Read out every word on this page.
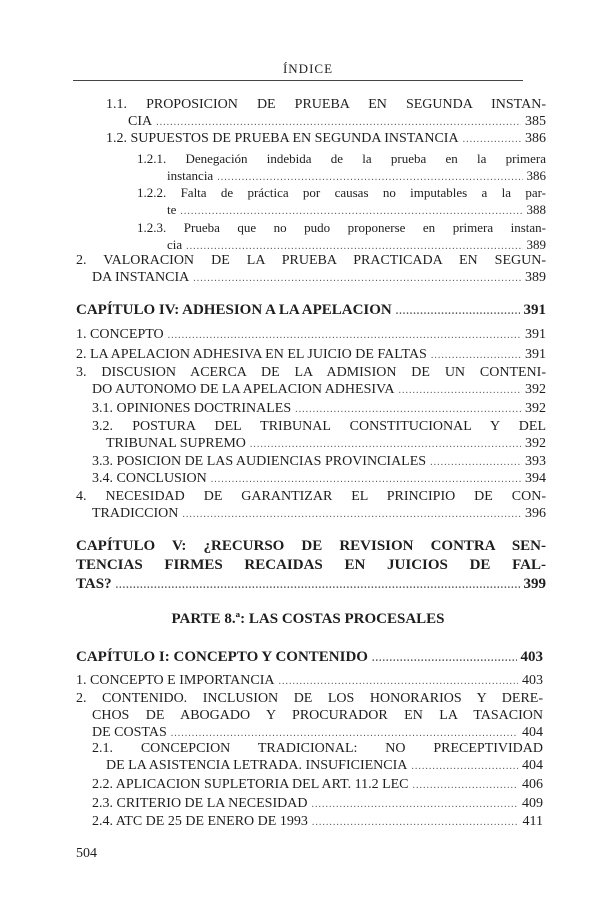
ÍNDICE
1.1. PROPOSICION DE PRUEBA EN SEGUNDA INSTAN-
CIA .....	385
1.2. SUPUESTOS DE PRUEBA EN SEGUNDA INSTANCIA .....	386
1.2.1. Denegación indebida de la prueba en la primera
instancia .....	386
1.2.2. Falta de práctica por causas no imputables a la par-
te .....	388
1.2.3. Prueba que no pudo proponerse en primera instan-
cia .....	389
2. VALORACION DE LA PRUEBA PRACTICADA EN SEGUN-
DA INSTANCIA .....	389
CAPÍTULO IV: ADHESION A LA APELACION .....	391
1. CONCEPTO .....	391
2. LA APELACION ADHESIVA EN EL JUICIO DE FALTAS .....	391
3. DISCUSION ACERCA DE LA ADMISION DE UN CONTENI-
DO AUTONOMO DE LA APELACION ADHESIVA .....	392
3.1. OPINIONES DOCTRINALES .....	392
3.2. POSTURA DEL TRIBUNAL CONSTITUCIONAL Y DEL
TRIBUNAL SUPREMO .....	392
3.3. POSICION DE LAS AUDIENCIAS PROVINCIALES .....	393
3.4. CONCLUSION .....	394
4. NECESIDAD DE GARANTIZAR EL PRINCIPIO DE CON-
TRADICCION .....	396
CAPÍTULO V: ¿RECURSO DE REVISION CONTRA SEN-
TENCIAS FIRMES RECAIDAS EN JUICIOS DE FAL-
TAS? .....	399
CAPÍTULO I: CONCEPTO Y CONTENIDO .....	403
1. CONCEPTO E IMPORTANCIA .....	403
2. CONTENIDO. INCLUSION DE LOS HONORARIOS Y DERE-
CHOS DE ABOGADO Y PROCURADOR EN LA TASACION
DE COSTAS .....	404
2.1. CONCEPCION TRADICIONAL: NO PRECEPTIVIDAD
DE LA ASISTENCIA LETRADA. INSUFICIENCIA .....	404
2.2. APLICACION SUPLETORIA DEL ART. 11.2 LEC .....	406
2.3. CRITERIO DE LA NECESIDAD .....	409
2.4. ATC DE 25 DE ENERO DE 1993 .....	411
PARTE 8.ª: LAS COSTAS PROCESALES
504
